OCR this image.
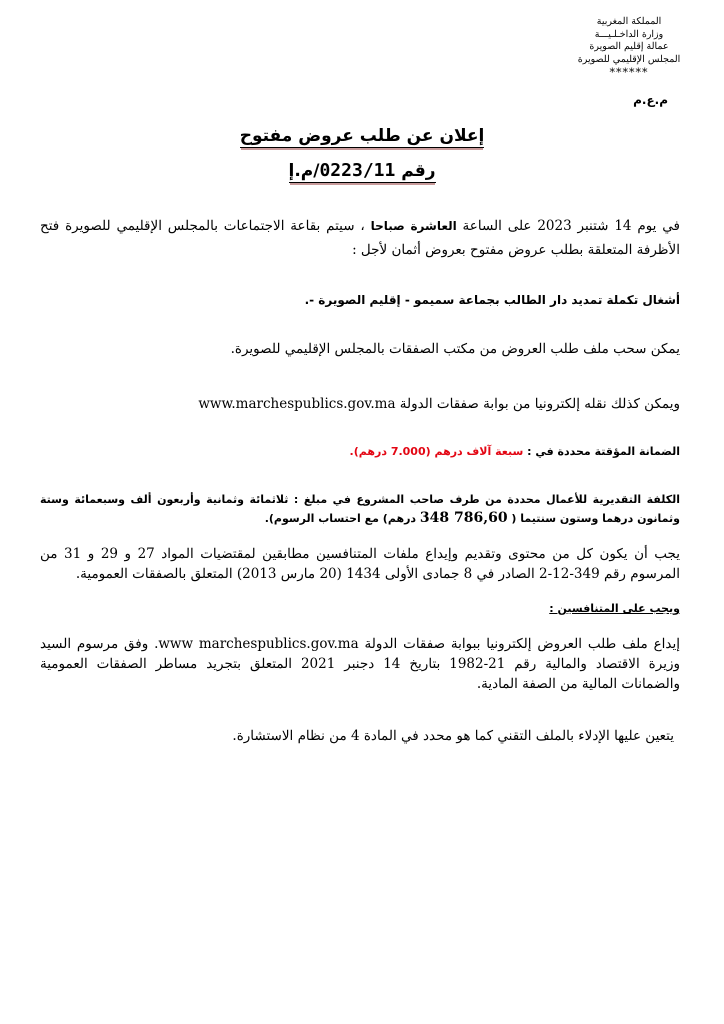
المملكة المغربية
وزارة الداخـلـيـــة
عمالة إقليم الصويرة
المجلس الإقليمي للصويرة
******
م.ع.م
إعلان عن طلب عروض مفتوح
رقم 0223/11/م.إ
في يوم 14 شتنبر 2023 على الساعة العاشرة صباحا ، سيتم بقاعة الاجتماعات بالمجلس الإقليمي للصويرة فتح الأظرفة المتعلقة بطلب عروض مفتوح بعروض أثمان لأجل :
أشغال تكملة تمديد دار الطالب بجماعة سميمو - إقليم الصويرة -.
يمكن سحب ملف طلب العروض من مكتب الصفقات بالمجلس الإقليمي للصويرة.
ويمكن كذلك نقله إلكترونيا من بوابة صفقات الدولة www.marchespublics.gov.ma
الضمانة المؤقتة محددة في : سبعة آلاف درهم (7.000 درهم).
الكلفة التقديرية للأعمال محددة من طرف صاحب المشروع في مبلغ : ثلاثمائة وثمانية وأربعون ألف وسبعمائة وستة وثمانون درهما وستون سنتيما ( 348 786,60 درهم) مع احتساب الرسوم).
يجب أن يكون كل من محتوى وتقديم وإيداع ملفات المتنافسين مطابقين لمقتضيات المواد 27 و 29 و 31 من المرسوم رقم 349-12-2 الصادر في 8 جمادى الأولى 1434 (20 مارس 2013) المتعلق بالصفقات العمومية.
ويجب على المتنافسين :
إيداع ملف طلب العروض إلكترونيا ببوابة صفقات الدولة www marchespublics.gov.ma. وفق مرسوم السيد وزيرة الاقتصاد والمالية رقم 21-1982 بتاريخ 14 دجنبر 2021 المتعلق بتجريد مساطر الصفقات العمومية والضمانات المالية من الصفة المادية.
يتعين عليها الإدلاء بالملف التقني كما هو محدد في المادة 4 من نظام الاستشارة.
